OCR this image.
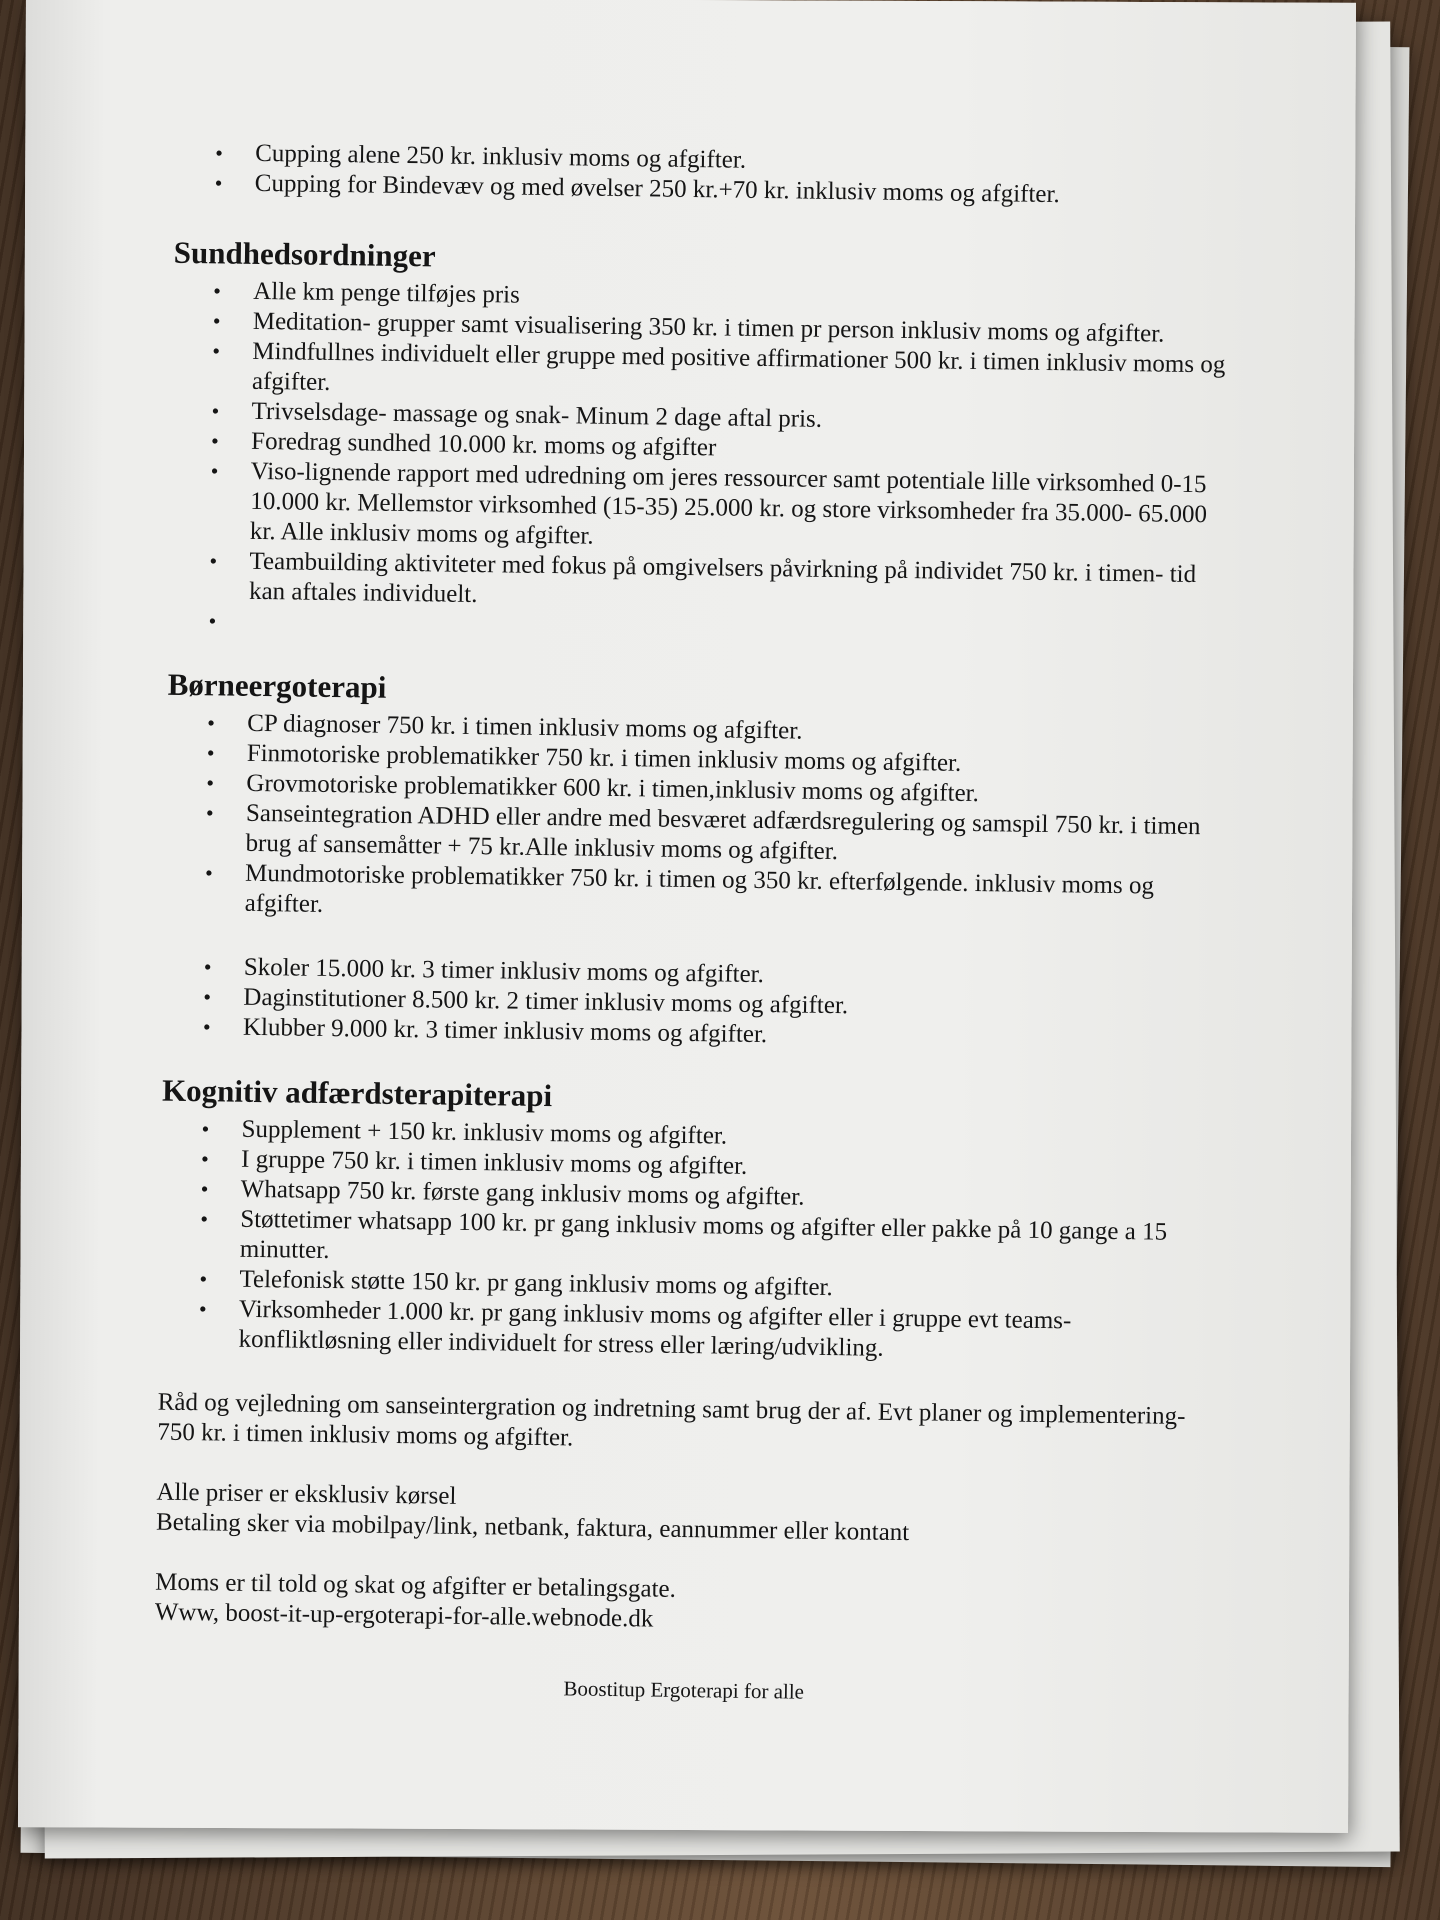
• Cupping alene 250 kr. inklusiv moms og afgifter.
• Cupping for Bindevæv og med øvelser 250 kr.+70 kr. inklusiv moms og afgifter.
Sundhedsordninger
• Alle km penge tilføjes pris
• Meditation- grupper samt visualisering 350 kr. i timen pr person inklusiv moms og afgifter.
• Mindfullnes individuelt eller gruppe med positive affirmationer 500 kr. i timen inklusiv moms og afgifter.
• Trivselsdage- massage og snak- Minum 2 dage aftal pris.
• Foredrag sundhed 10.000 kr. moms og afgifter
• Viso-lignende rapport med udredning om jeres ressourcer samt potentiale lille virksomhed 0-15 10.000 kr. Mellemstor virksomhed (15-35) 25.000 kr. og store virksomheder fra 35.000- 65.000 kr. Alle inklusiv moms og afgifter.
• Teambuilding aktiviteter med fokus på omgivelsers påvirkning på individet 750 kr. i timen- tid kan aftales individuelt.
•
Børneergoterapi
• CP diagnoser 750 kr. i timen inklusiv moms og afgifter.
• Finmotoriske problematikker 750 kr. i timen inklusiv moms og afgifter.
• Grovmotoriske problematikker 600 kr. i timen,inklusiv moms og afgifter.
• Sanseintegration ADHD eller andre med besværet adfærdsregulering og samspil 750 kr. i timen brug af sansemåtter + 75 kr.Alle inklusiv moms og afgifter.
• Mundmotoriske problematikker 750 kr. i timen og 350 kr. efterfølgende. inklusiv moms og afgifter.
• Skoler 15.000 kr. 3 timer inklusiv moms og afgifter.
• Daginstitutioner 8.500 kr. 2 timer inklusiv moms og afgifter.
• Klubber 9.000 kr. 3 timer inklusiv moms og afgifter.
Kognitiv adfærdsterapiterapi
• Supplement + 150 kr. inklusiv moms og afgifter.
• I gruppe 750 kr. i timen inklusiv moms og afgifter.
• Whatsapp 750 kr. første gang inklusiv moms og afgifter.
• Støttetimer whatsapp 100 kr. pr gang inklusiv moms og afgifter eller pakke på 10 gange a 15 minutter.
• Telefonisk støtte 150 kr. pr gang inklusiv moms og afgifter.
• Virksomheder 1.000 kr. pr gang inklusiv moms og afgifter eller i gruppe evt teams-konfliktløsning eller individuelt for stress eller læring/udvikling.

Råd og vejledning om sanseintergration og indretning samt brug der af. Evt planer og implementering- 750 kr. i timen inklusiv moms og afgifter.

Alle priser er eksklusiv kørsel

Betaling sker via mobilpay/link, netbank, faktura, eannummer eller kontant

Moms er til told og skat og afgifter er betalingsgate.

Www, boost-it-up-ergoterapi-for-alle.webnode.dk

Boostitup Ergoterapi for alle
